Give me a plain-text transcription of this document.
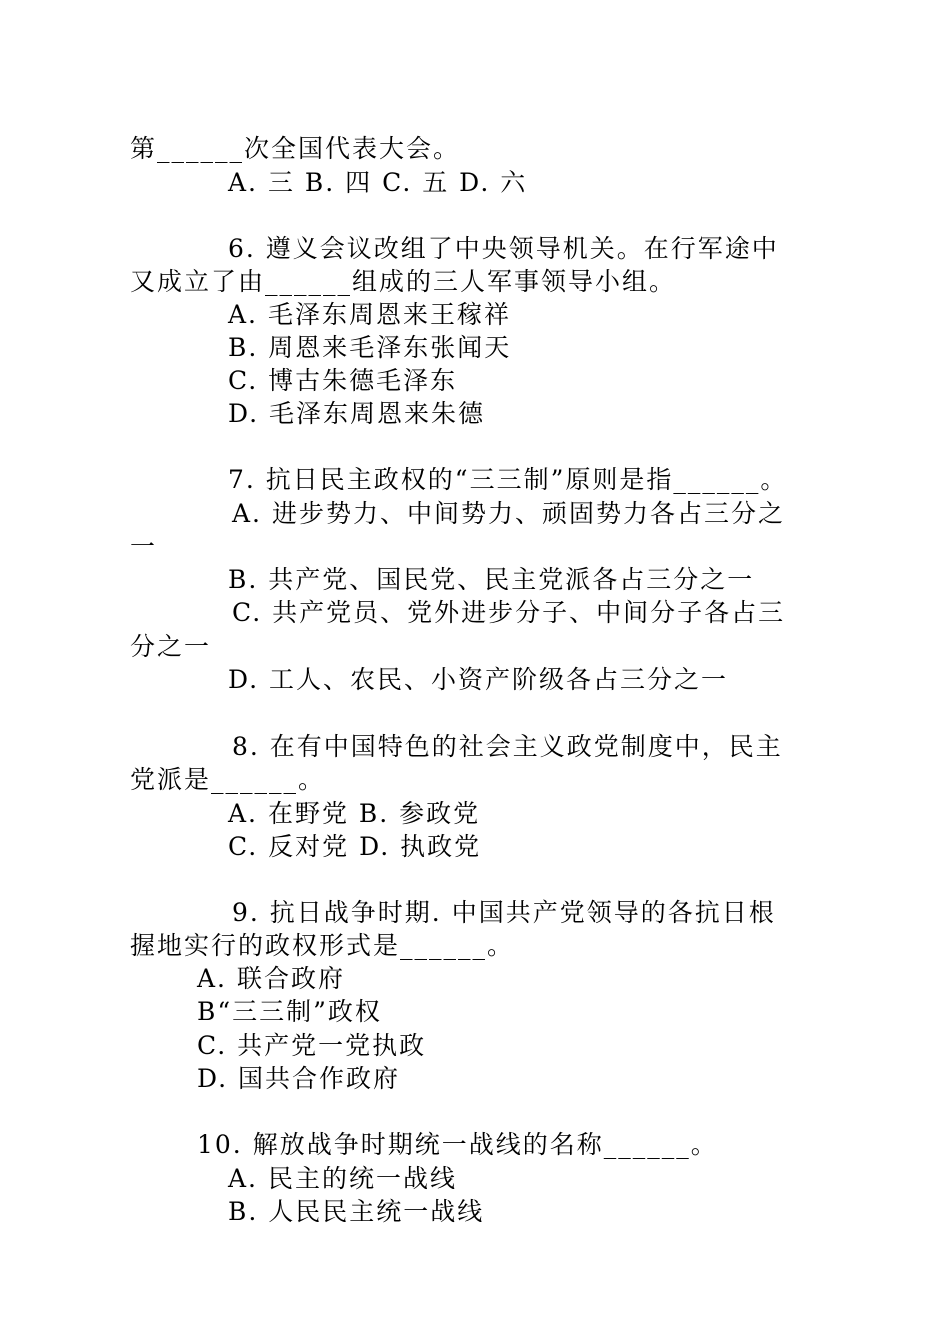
第______次全国代表大会。
A. 三 B. 四 C. 五 D. 六
6. 遵义会议改组了中央领导机关。在行军途中
又成立了由______组成的三人军事领导小组。
A. 毛泽东周恩来王稼祥
B. 周恩来毛泽东张闻天
C. 博古朱德毛泽东
D. 毛泽东周恩来朱德
7. 抗日民主政权的“三三制”原则是指______。
A. 进步势力、中间势力、顽固势力各占三分之
一
B. 共产党、国民党、民主党派各占三分之一
C. 共产党员、党外进步分子、中间分子各占三
分之一
D. 工人、农民、小资产阶级各占三分之一
8. 在有中国特色的社会主义政党制度中，民主
党派是______。
A. 在野党 B. 参政党
C. 反对党 D. 执政党
9. 抗日战争时期. 中国共产党领导的各抗日根
握地实行的政权形式是______。
A. 联合政府
B“三三制”政权
C. 共产党一党执政
D. 国共合作政府
10. 解放战争时期统一战线的名称______。
A. 民主的统一战线
B. 人民民主统一战线
